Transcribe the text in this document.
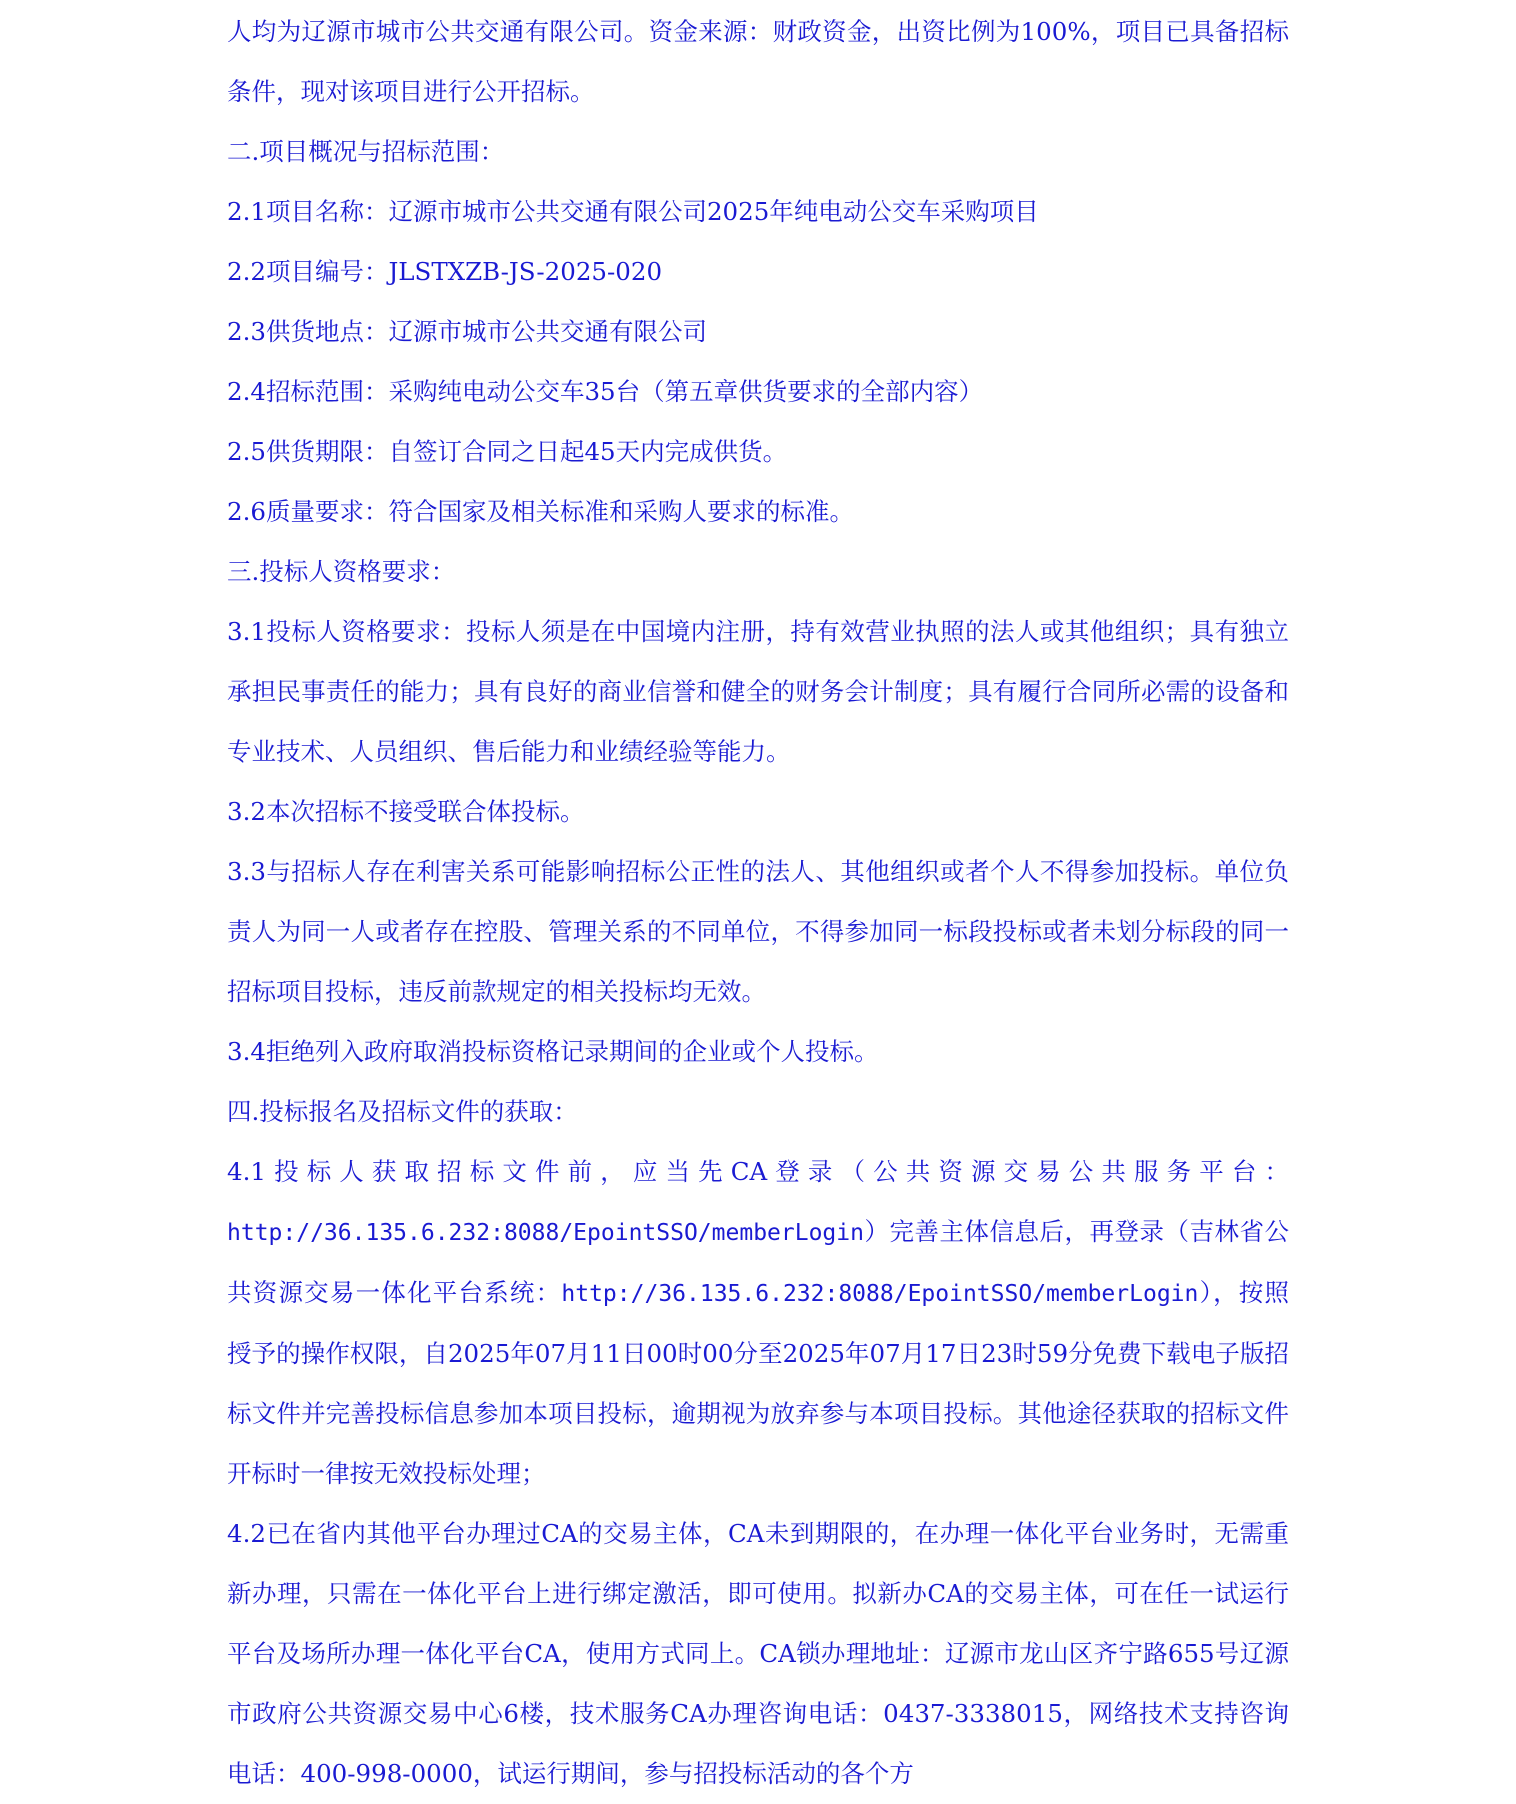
人均为辽源市城市公共交通有限公司。资金来源：财政资金，出资比例为100%，项目已具备招标条件，现对该项目进行公开招标。

二.项目概况与招标范围：

2.1项目名称：辽源市城市公共交通有限公司2025年纯电动公交车采购项目

2.2项目编号：JLSTXZB-JS-2025-020

2.3供货地点：辽源市城市公共交通有限公司

2.4招标范围：采购纯电动公交车35台（第五章供货要求的全部内容）

2.5供货期限：自签订合同之日起45天内完成供货。

2.6质量要求：符合国家及相关标准和采购人要求的标准。

三.投标人资格要求：

3.1投标人资格要求：投标人须是在中国境内注册，持有效营业执照的法人或其他组织；具有独立承担民事责任的能力；具有良好的商业信誉和健全的财务会计制度；具有履行合同所必需的设备和专业技术、人员组织、售后能力和业绩经验等能力。

3.2本次招标不接受联合体投标。

3.3与招标人存在利害关系可能影响招标公正性的法人、其他组织或者个人不得参加投标。单位负责人为同一人或者存在控股、管理关系的不同单位，不得参加同一标段投标或者未划分标段的同一招标项目投标，违反前款规定的相关投标均无效。

3.4拒绝列入政府取消投标资格记录期间的企业或个人投标。

四.投标报名及招标文件的获取：

4.1投标人获取招标文件前，应当先CA登录（公共资源交易公共服务平台：http://36.135.6.232:8088/EpointSSO/memberLogin）完善主体信息后，再登录（吉林省公共资源交易一体化平台系统：http://36.135.6.232:8088/EpointSSO/memberLogin），按照授予的操作权限，自2025年07月11日00时00分至2025年07月17日23时59分免费下载电子版招标文件并完善投标信息参加本项目投标，逾期视为放弃参与本项目投标。其他途径获取的招标文件开标时一律按无效投标处理；

4.2已在省内其他平台办理过CA的交易主体，CA未到期限的，在办理一体化平台业务时，无需重新办理，只需在一体化平台上进行绑定激活，即可使用。拟新办CA的交易主体，可在任一试运行平台及场所办理一体化平台CA，使用方式同上。CA锁办理地址：辽源市龙山区齐宁路655号辽源市政府公共资源交易中心6楼，技术服务CA办理咨询电话：0437-3338015，网络技术支持咨询电话：400-998-0000，试运行期间，参与招投标活动的各个方
